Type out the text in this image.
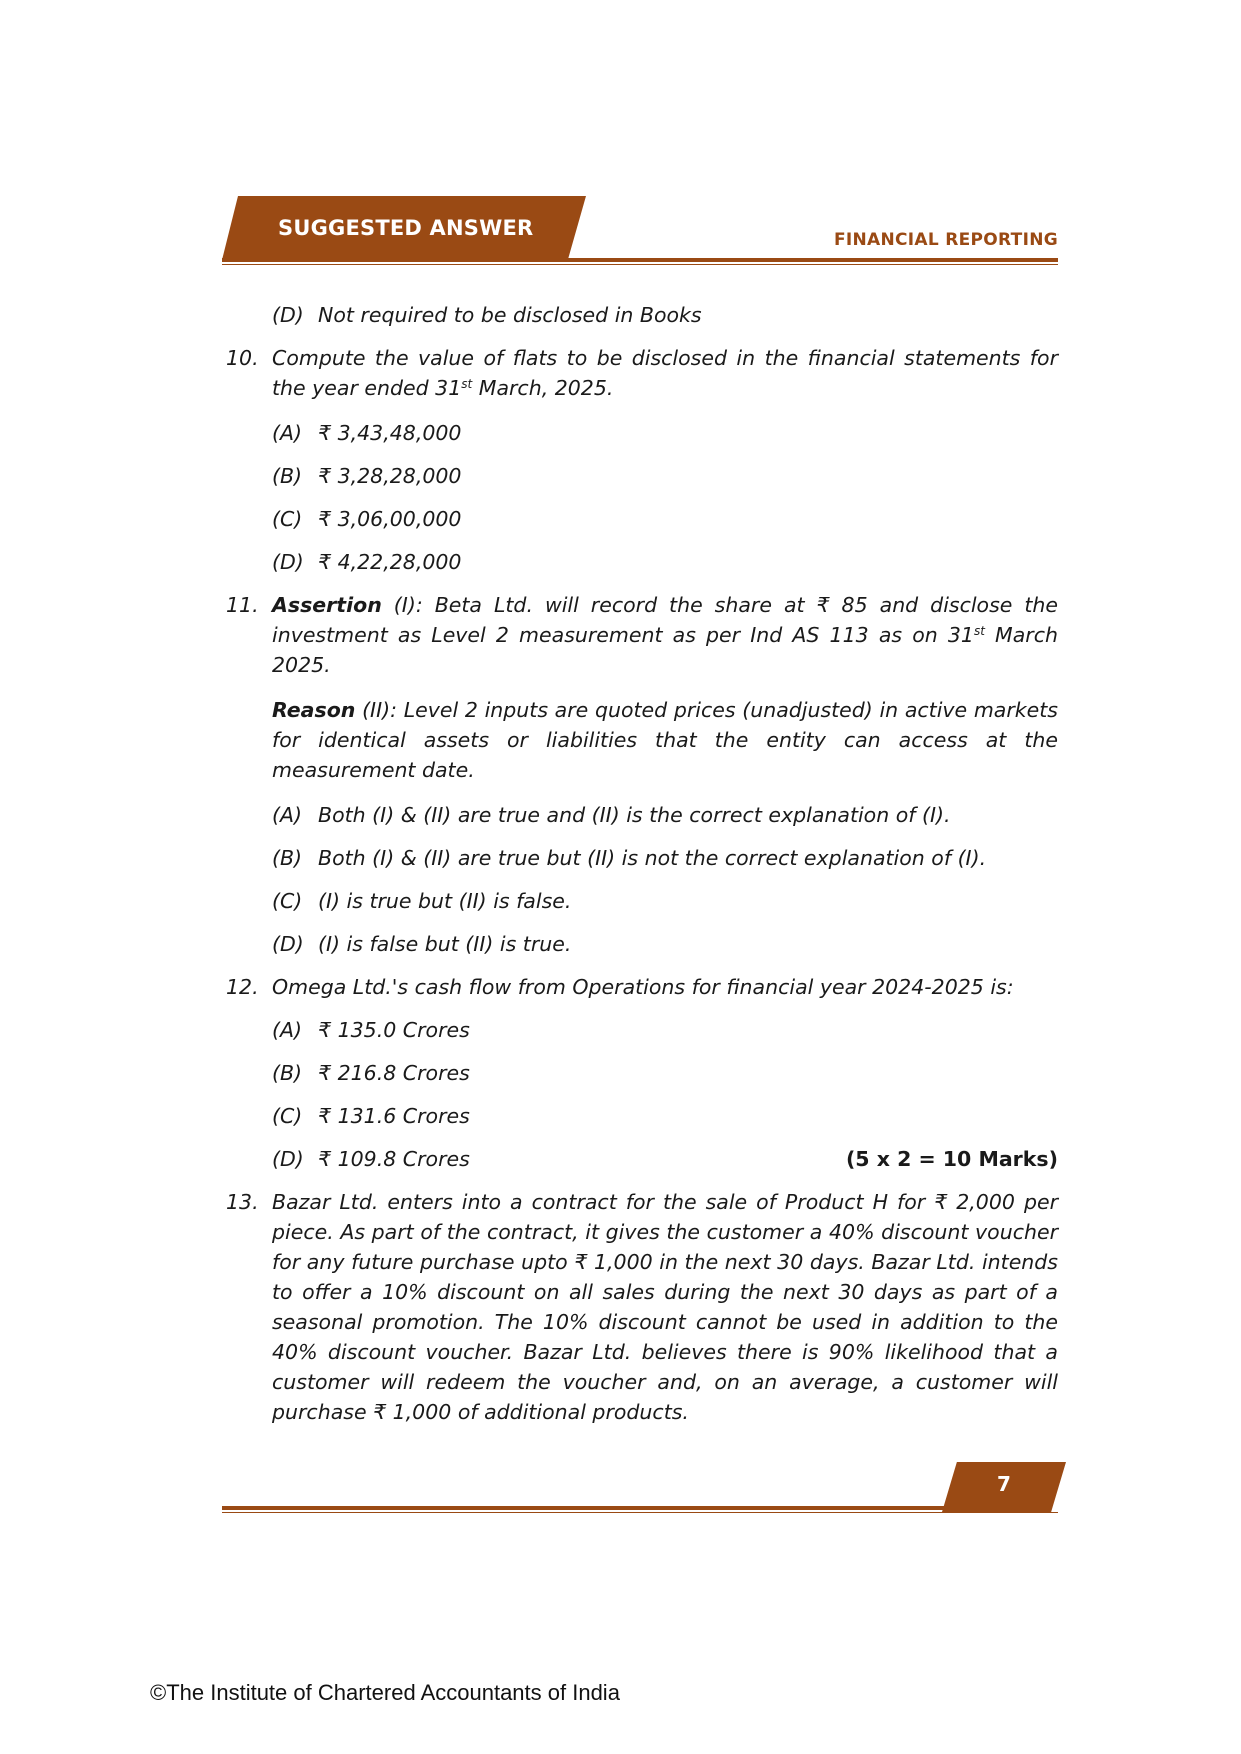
SUGGESTED ANSWER	FINANCIAL REPORTING
(D) Not required to be disclosed in Books
10. Compute the value of flats to be disclosed in the financial statements for the year ended 31st March, 2025.
(A) ₹ 3,43,48,000
(B) ₹ 3,28,28,000
(C) ₹ 3,06,00,000
(D) ₹ 4,22,28,000
11. Assertion (I): Beta Ltd. will record the share at ₹ 85 and disclose the investment as Level 2 measurement as per Ind AS 113 as on 31st March 2025.
Reason (II): Level 2 inputs are quoted prices (unadjusted) in active markets for identical assets or liabilities that the entity can access at the measurement date.
(A) Both (I) & (II) are true and (II) is the correct explanation of (I).
(B) Both (I) & (II) are true but (II) is not the correct explanation of (I).
(C) (I) is true but (II) is false.
(D) (I) is false but (II) is true.
12. Omega Ltd.'s cash flow from Operations for financial year 2024-2025 is:
(A) ₹ 135.0 Crores
(B) ₹ 216.8 Crores
(C) ₹ 131.6 Crores
(D) ₹ 109.8 Crores	(5 x 2 = 10 Marks)
13. Bazar Ltd. enters into a contract for the sale of Product H for ₹ 2,000 per piece. As part of the contract, it gives the customer a 40% discount voucher for any future purchase upto ₹ 1,000 in the next 30 days. Bazar Ltd. intends to offer a 10% discount on all sales during the next 30 days as part of a seasonal promotion. The 10% discount cannot be used in addition to the 40% discount voucher. Bazar Ltd. believes there is 90% likelihood that a customer will redeem the voucher and, on an average, a customer will purchase ₹ 1,000 of additional products.
7
©The Institute of Chartered Accountants of India
